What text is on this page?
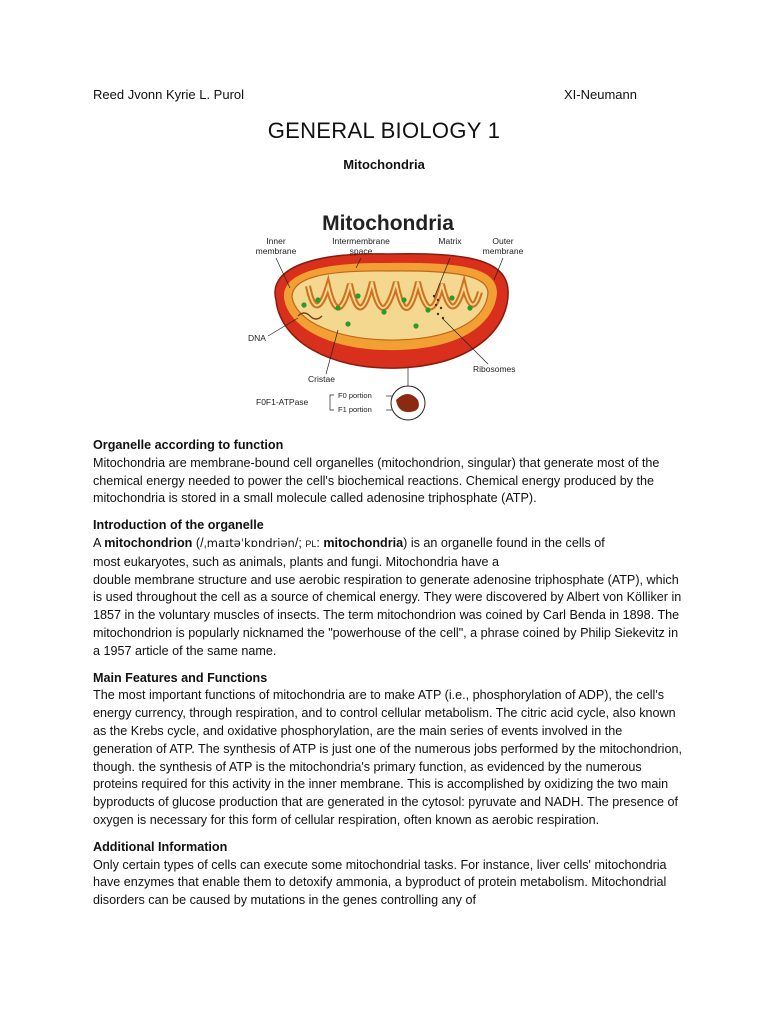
Reed Jvonn Kyrie L. Purol	XI-Neumann
GENERAL BIOLOGY 1
Mitochondria
Mitochondria
Inner
membrane
Intermembrane
space
Matrix	Outer
membrane
DNA
Cristae
Ribosomes
F0F1-ATPase
F0 portion
F1 portion
Organelle according to function

Mitochondria are membrane-bound cell organelles (mitochondrion, singular) that generate most of the chemical energy needed to power the cell's biochemical reactions. Chemical energy produced by the mitochondria is stored in a small molecule called adenosine triphosphate (ATP).

Introduction of the organelle

A mitochondrion (/ˌmaɪtəˈkɒndriən/; PL: mitochondria) is an organelle found in the cells of
most eukaryotes, such as animals, plants and fungi. Mitochondria have a
double membrane structure and use aerobic respiration to generate adenosine triphosphate (ATP), which is used throughout the cell as a source of chemical energy. They were discovered by Albert von Kölliker in 1857 in the voluntary muscles of insects. The term mitochondrion was coined by Carl Benda in 1898. The mitochondrion is popularly nicknamed the "powerhouse of the cell", a phrase coined by Philip Siekevitz in a 1957 article of the same name.

Main Features and Functions

The most important functions of mitochondria are to make ATP (i.e., phosphorylation of ADP), the cell's energy currency, through respiration, and to control cellular metabolism. The citric acid cycle, also known as the Krebs cycle, and oxidative phosphorylation, are the main series of events involved in the generation of ATP. The synthesis of ATP is just one of the numerous jobs performed by the mitochondrion, though. the synthesis of ATP is the mitochondria's primary function, as evidenced by the numerous proteins required for this activity in the inner membrane. This is accomplished by oxidizing the two main byproducts of glucose production that are generated in the cytosol: pyruvate and NADH. The presence of oxygen is necessary for this form of cellular respiration, often known as aerobic respiration.

Additional Information

Only certain types of cells can execute some mitochondrial tasks. For instance, liver cells' mitochondria have enzymes that enable them to detoxify ammonia, a byproduct of protein metabolism. Mitochondrial disorders can be caused by mutations in the genes controlling any of
